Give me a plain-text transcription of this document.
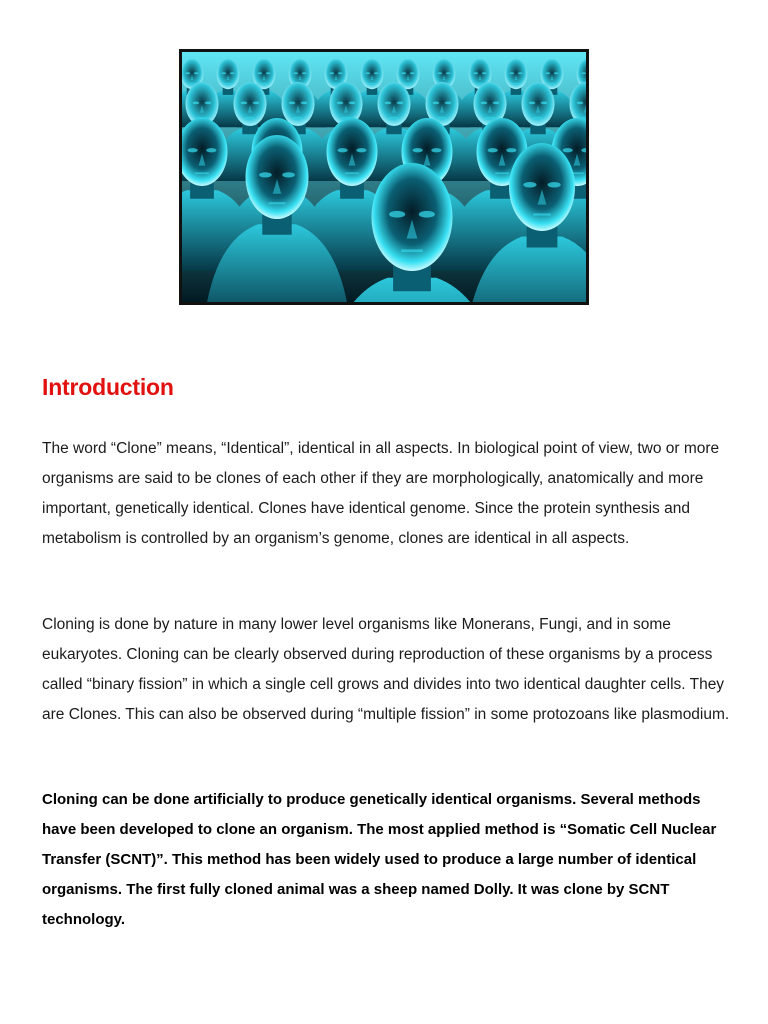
Introduction

The word “Clone” means, “Identical”, identical in all aspects. In biological point of view, two or more organisms are said to be clones of each other if they are morphologically, anatomically and more important, genetically identical. Clones have identical genome. Since the protein synthesis and metabolism is controlled by an organism’s genome, clones are identical in all aspects.

Cloning is done by nature in many lower level organisms like Monerans, Fungi, and in some eukaryotes. Cloning can be clearly observed during reproduction of these organisms by a process called “binary fission” in which a single cell grows and divides into two identical daughter cells. They are Clones. This can also be observed during “multiple fission” in some protozoans like plasmodium.

Cloning can be done artificially to produce genetically identical organisms. Several methods have been developed to clone an organism. The most applied method is “Somatic Cell Nuclear Transfer (SCNT)”. This method has been widely used to produce a large number of identical organisms. The first fully cloned animal was a sheep named Dolly. It was clone by SCNT technology.
